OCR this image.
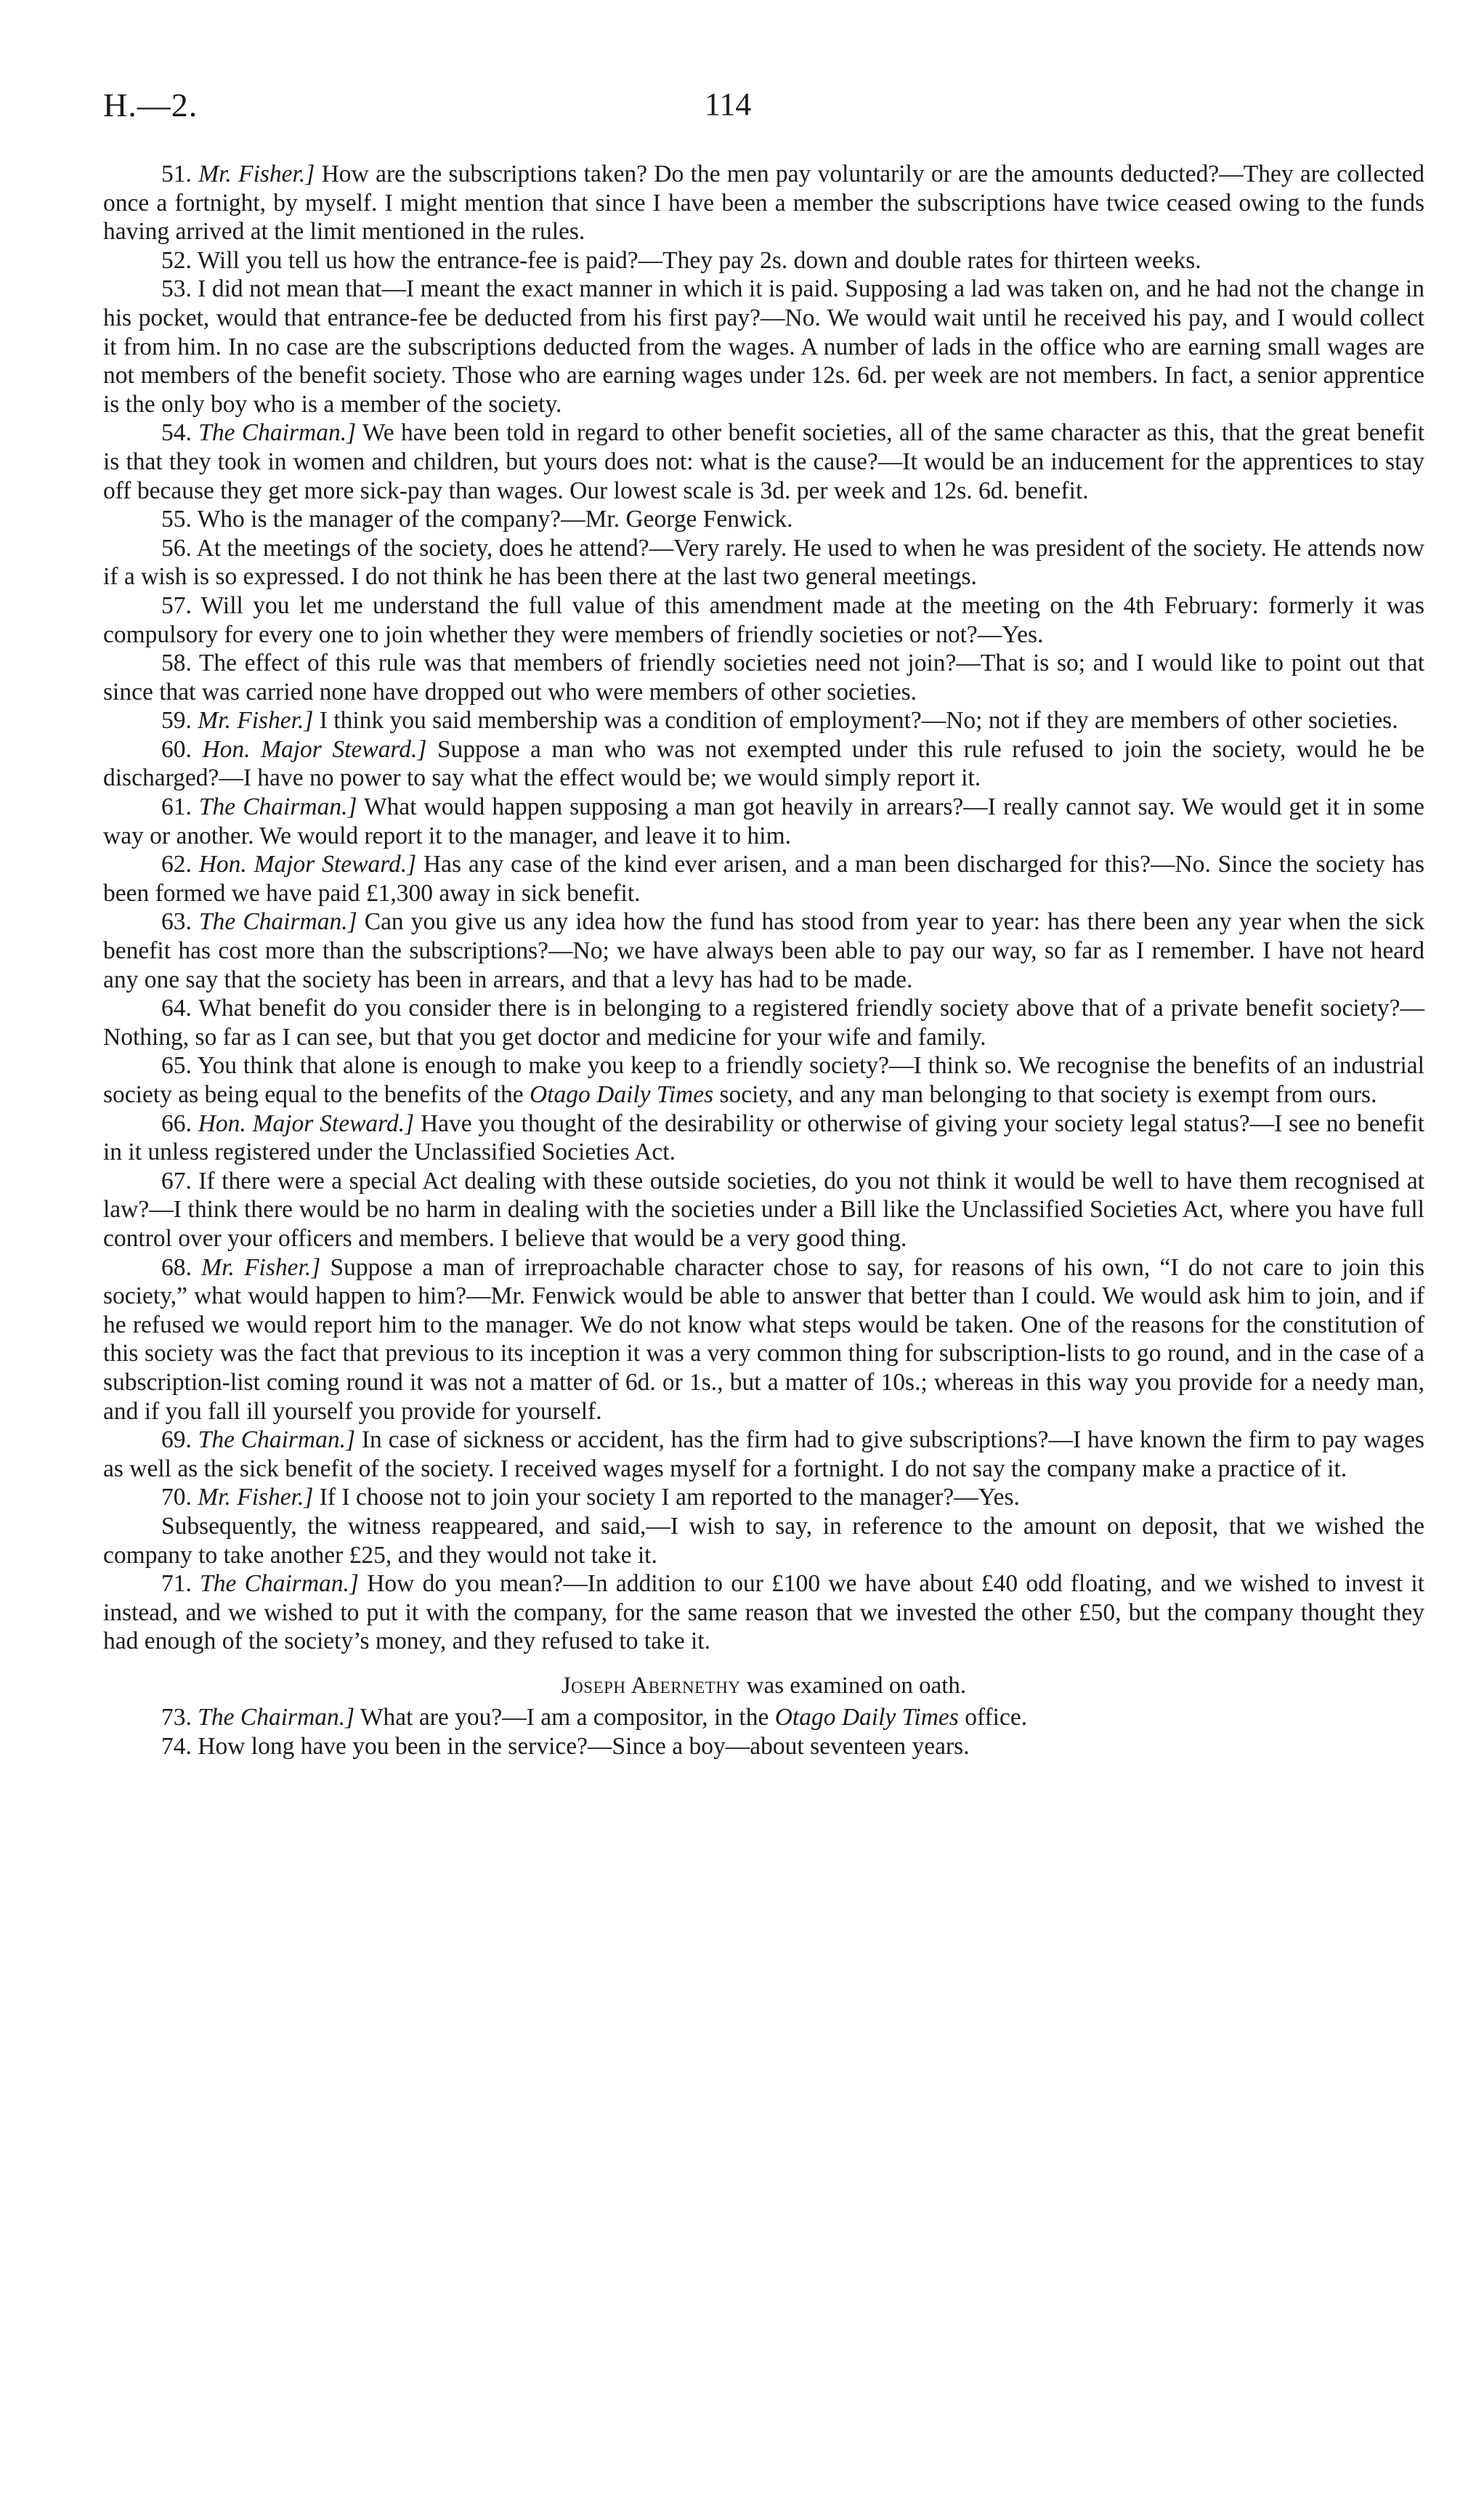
H.—2.	114

51. Mr. Fisher.] How are the subscriptions taken? Do the men pay voluntarily or are the amounts deducted?—They are collected once a fortnight, by myself. I might mention that since I have been a member the subscriptions have twice ceased owing to the funds having arrived at the limit mentioned in the rules.

52. Will you tell us how the entrance-fee is paid?—They pay 2s. down and double rates for thirteen weeks.

53. I did not mean that—I meant the exact manner in which it is paid. Supposing a lad was taken on, and he had not the change in his pocket, would that entrance-fee be deducted from his first pay?—No. We would wait until he received his pay, and I would collect it from him. In no case are the subscriptions deducted from the wages. A number of lads in the office who are earning small wages are not members of the benefit society. Those who are earning wages under 12s. 6d. per week are not members. In fact, a senior apprentice is the only boy who is a member of the society.

54. The Chairman.] We have been told in regard to other benefit societies, all of the same character as this, that the great benefit is that they took in women and children, but yours does not: what is the cause?—It would be an inducement for the apprentices to stay off because they get more sick-pay than wages. Our lowest scale is 3d. per week and 12s. 6d. benefit.

55. Who is the manager of the company?—Mr. George Fenwick.

56. At the meetings of the society, does he attend?—Very rarely. He used to when he was president of the society. He attends now if a wish is so expressed. I do not think he has been there at the last two general meetings.

57. Will you let me understand the full value of this amendment made at the meeting on the 4th February: formerly it was compulsory for every one to join whether they were members of friendly societies or not?—Yes.

58. The effect of this rule was that members of friendly societies need not join?—That is so; and I would like to point out that since that was carried none have dropped out who were members of other societies.

59. Mr. Fisher.] I think you said membership was a condition of employment?—No; not if they are members of other societies.

60. Hon. Major Steward.] Suppose a man who was not exempted under this rule refused to join the society, would he be discharged?—I have no power to say what the effect would be; we would simply report it.

61. The Chairman.] What would happen supposing a man got heavily in arrears?—I really cannot say. We would get it in some way or another. We would report it to the manager, and leave it to him.

62. Hon. Major Steward.] Has any case of the kind ever arisen, and a man been discharged for this?—No. Since the society has been formed we have paid £1,300 away in sick benefit.

63. The Chairman.] Can you give us any idea how the fund has stood from year to year: has there been any year when the sick benefit has cost more than the subscriptions?—No; we have always been able to pay our way, so far as I remember. I have not heard any one say that the society has been in arrears, and that a levy has had to be made.

64. What benefit do you consider there is in belonging to a registered friendly society above that of a private benefit society?—Nothing, so far as I can see, but that you get doctor and medicine for your wife and family.

65. You think that alone is enough to make you keep to a friendly society?—I think so. We recognise the benefits of an industrial society as being equal to the benefits of the Otago Daily Times society, and any man belonging to that society is exempt from ours.

66. Hon. Major Steward.] Have you thought of the desirability or otherwise of giving your society legal status?—I see no benefit in it unless registered under the Unclassified Societies Act.

67. If there were a special Act dealing with these outside societies, do you not think it would be well to have them recognised at law?—I think there would be no harm in dealing with the societies under a Bill like the Unclassified Societies Act, where you have full control over your officers and members. I believe that would be a very good thing.

68. Mr. Fisher.] Suppose a man of irreproachable character chose to say, for reasons of his own, “I do not care to join this society,” what would happen to him?—Mr. Fenwick would be able to answer that better than I could. We would ask him to join, and if he refused we would report him to the manager. We do not know what steps would be taken. One of the reasons for the constitution of this society was the fact that previous to its inception it was a very common thing for subscription-lists to go round, and in the case of a subscription-list coming round it was not a matter of 6d. or 1s., but a matter of 10s.; whereas in this way you provide for a needy man, and if you fall ill yourself you provide for yourself.

69. The Chairman.] In case of sickness or accident, has the firm had to give subscriptions?—I have known the firm to pay wages as well as the sick benefit of the society. I received wages myself for a fortnight. I do not say the company make a practice of it.

70. Mr. Fisher.] If I choose not to join your society I am reported to the manager?—Yes.

Subsequently, the witness reappeared, and said,—I wish to say, in reference to the amount on deposit, that we wished the company to take another £25, and they would not take it.

71. The Chairman.] How do you mean?—In addition to our £100 we have about £40 odd floating, and we wished to invest it instead, and we wished to put it with the company, for the same reason that we invested the other £50, but the company thought they had enough of the society’s money, and they refused to take it.

Joseph Abernethy was examined on oath.

73. The Chairman.] What are you?—I am a compositor, in the Otago Daily Times office.

74. How long have you been in the service?—Since a boy—about seventeen years.
